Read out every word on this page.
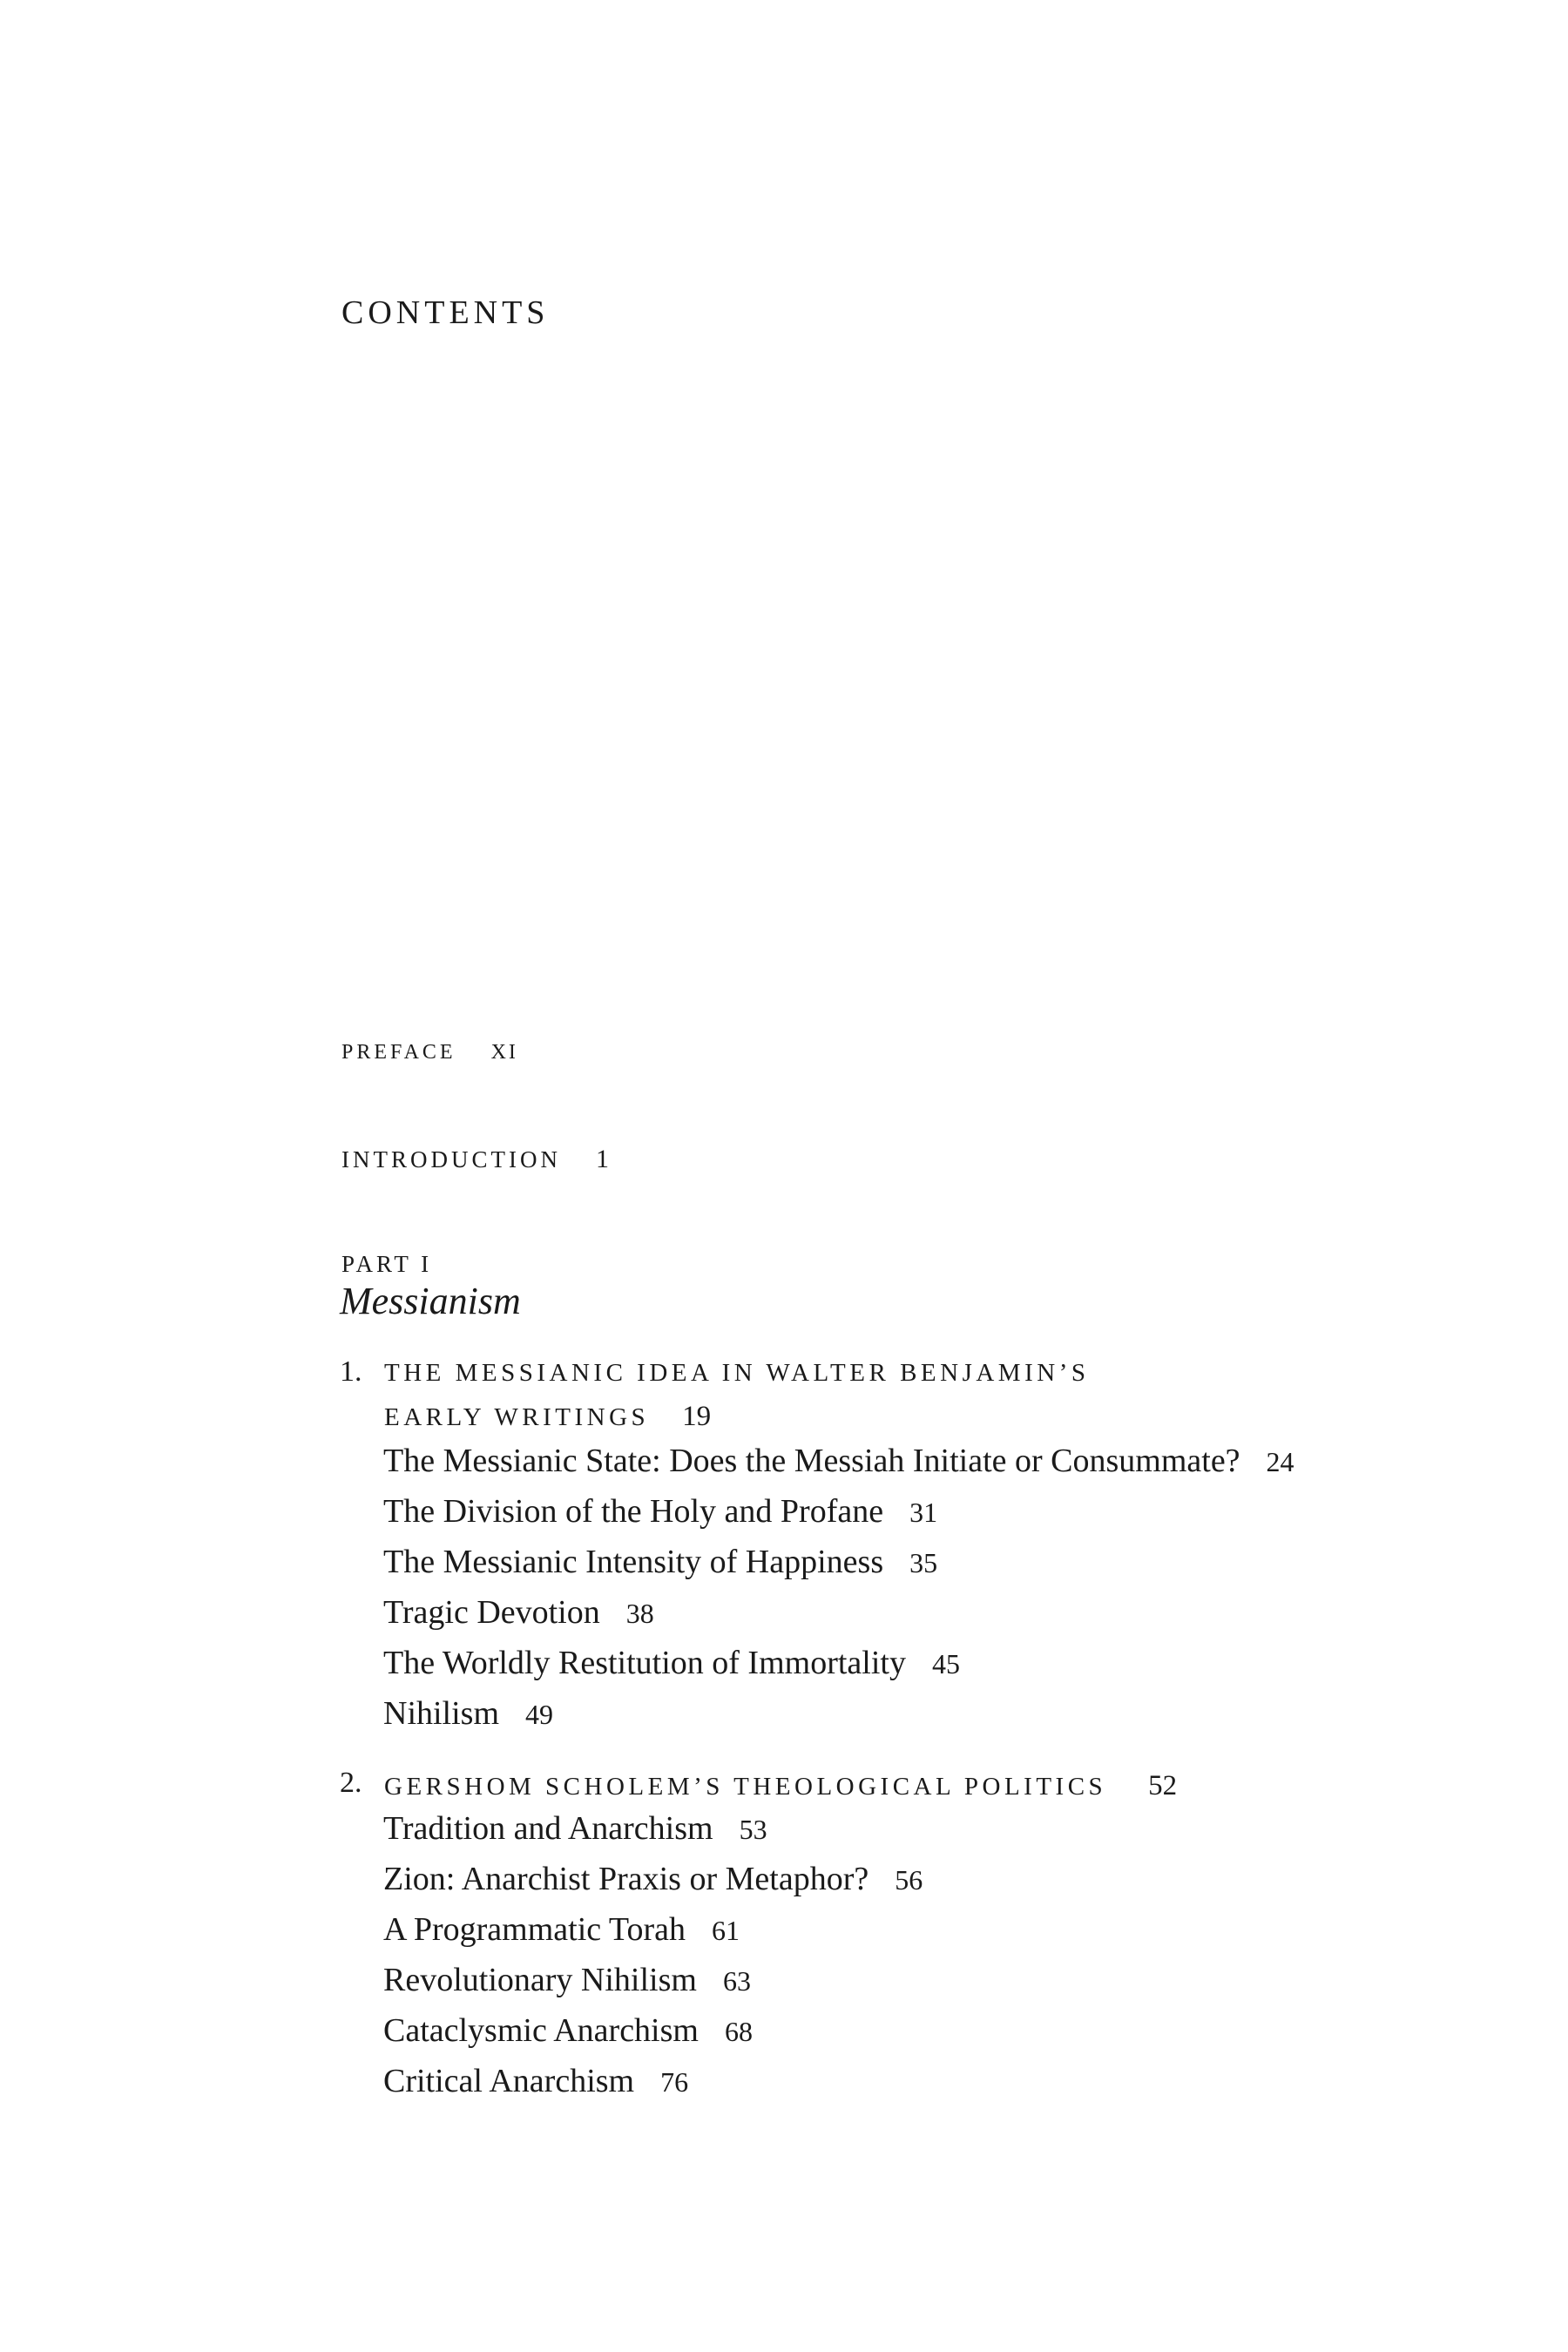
CONTENTS
PREFACE XI
INTRODUCTION 1
PART I
Messianism
1. THE MESSIANIC IDEA IN WALTER BENJAMIN’S
EARLY WRITINGS 19
The Messianic State: Does the Messiah Initiate or Consummate? 24
The Division of the Holy and Profane 31
The Messianic Intensity of Happiness 35
Tragic Devotion 38
The Worldly Restitution of Immortality 45
Nihilism 49
2. GERSHOM SCHOLEM’S THEOLOGICAL POLITICS 52
Tradition and Anarchism 53
Zion: Anarchist Praxis or Metaphor? 56
A Programmatic Torah 61
Revolutionary Nihilism 63
Cataclysmic Anarchism 68
Critical Anarchism 76
